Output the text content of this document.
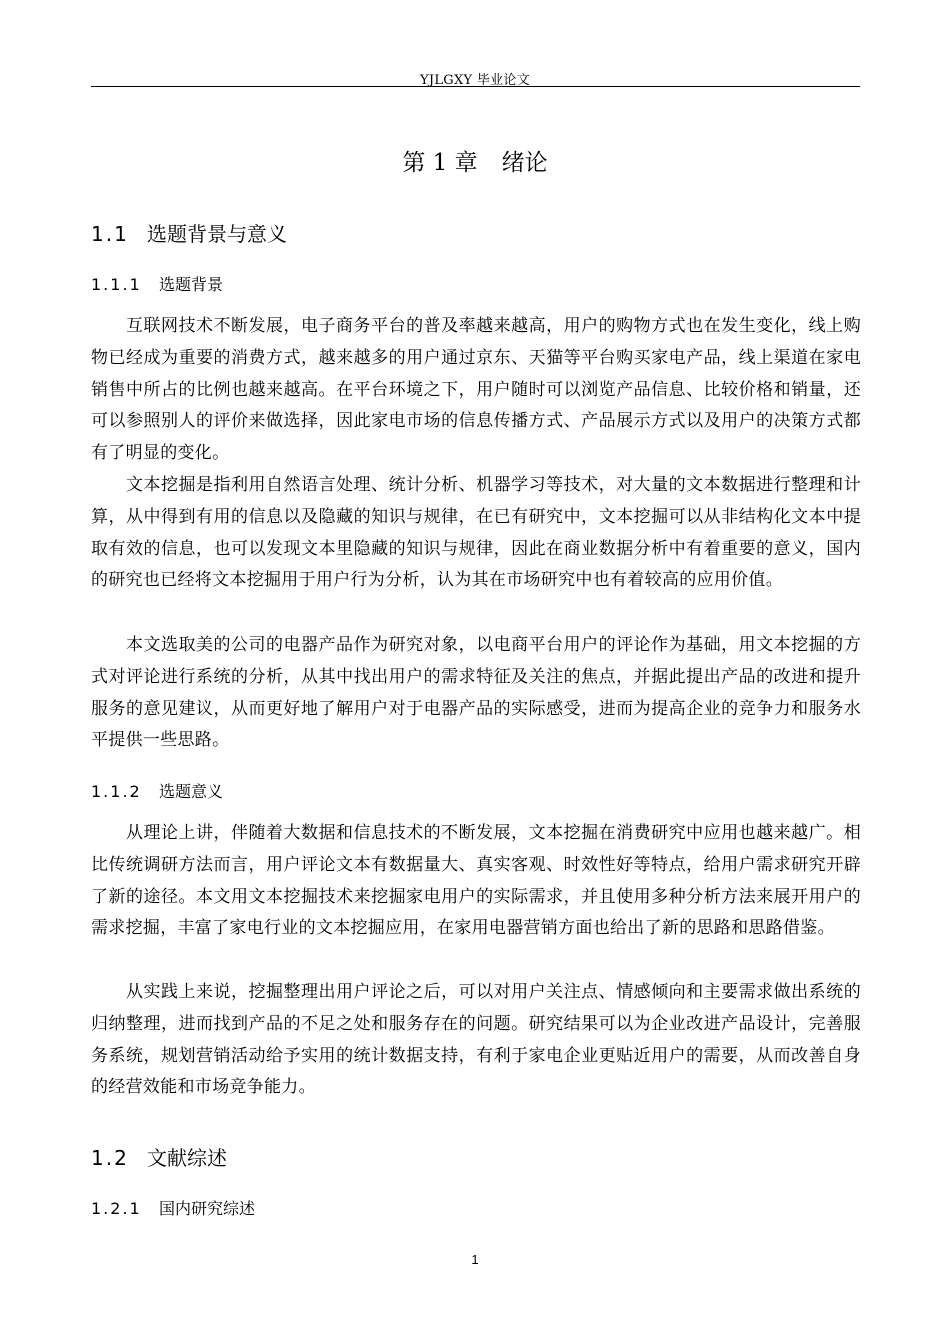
YJLGXY 毕业论文
第 1 章 绪论
1.1 选题背景与意义
1.1.1 选题背景

互联网技术不断发展，电子商务平台的普及率越来越高，用户的购物方式也在发生变化，线上购物已经成为重要的消费方式，越来越多的用户通过京东、天猫等平台购买家电产品，线上渠道在家电销售中所占的比例也越来越高。在平台环境之下，用户随时可以浏览产品信息、比较价格和销量，还可以参照别人的评价来做选择，因此家电市场的信息传播方式、产品展示方式以及用户的决策方式都有了明显的变化。

文本挖掘是指利用自然语言处理、统计分析、机器学习等技术，对大量的文本数据进行整理和计算，从中得到有用的信息以及隐藏的知识与规律，在已有研究中，文本挖掘可以从非结构化文本中提取有效的信息，也可以发现文本里隐藏的知识与规律，因此在商业数据分析中有着重要的意义，国内的研究也已经将文本挖掘用于用户行为分析，认为其在市场研究中也有着较高的应用价值。

本文选取美的公司的电器产品作为研究对象，以电商平台用户的评论作为基础，用文本挖掘的方式对评论进行系统的分析，从其中找出用户的需求特征及关注的焦点，并据此提出产品的改进和提升服务的意见建议，从而更好地了解用户对于电器产品的实际感受，进而为提高企业的竞争力和服务水平提供一些思路。

1.1.2 选题意义

从理论上讲，伴随着大数据和信息技术的不断发展，文本挖掘在消费研究中应用也越来越广。相比传统调研方法而言，用户评论文本有数据量大、真实客观、时效性好等特点，给用户需求研究开辟了新的途径。本文用文本挖掘技术来挖掘家电用户的实际需求，并且使用多种分析方法来展开用户的需求挖掘，丰富了家电行业的文本挖掘应用，在家用电器营销方面也给出了新的思路和思路借鉴。

从实践上来说，挖掘整理出用户评论之后，可以对用户关注点、情感倾向和主要需求做出系统的归纳整理，进而找到产品的不足之处和服务存在的问题。研究结果可以为企业改进产品设计，完善服务系统，规划营销活动给予实用的统计数据支持，有利于家电企业更贴近用户的需要，从而改善自身的经营效能和市场竞争能力。

1.2 文献综述
1.2.1 国内研究综述
1
